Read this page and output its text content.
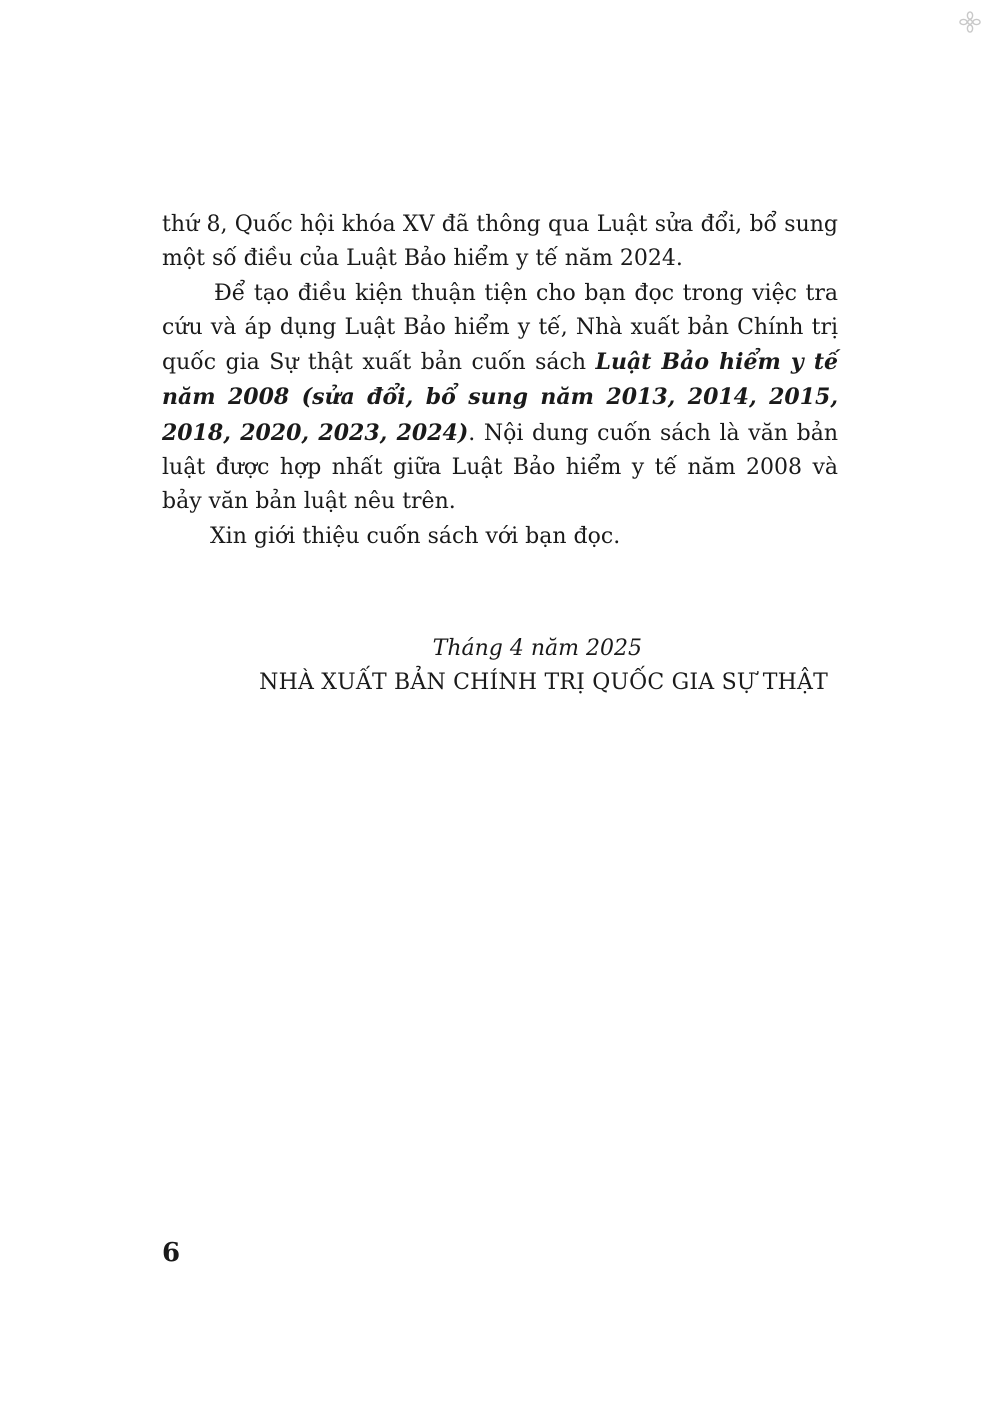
thứ 8, Quốc hội khóa XV đã thông qua Luật sửa đổi, bổ sung một số điều của Luật Bảo hiểm y tế năm 2024.

Để tạo điều kiện thuận tiện cho bạn đọc trong việc tra cứu và áp dụng Luật Bảo hiểm y tế, Nhà xuất bản Chính trị quốc gia Sự thật xuất bản cuốn sách Luật Bảo hiểm y tế năm 2008 (sửa đổi, bổ sung năm 2013, 2014, 2015, 2018, 2020, 2023, 2024). Nội dung cuốn sách là văn bản luật được hợp nhất giữa Luật Bảo hiểm y tế năm 2008 và bảy văn bản luật nêu trên.

Xin giới thiệu cuốn sách với bạn đọc.

Tháng 4 năm 2025
NHÀ XUẤT BẢN CHÍNH TRỊ QUỐC GIA SỰ THẬT
6
